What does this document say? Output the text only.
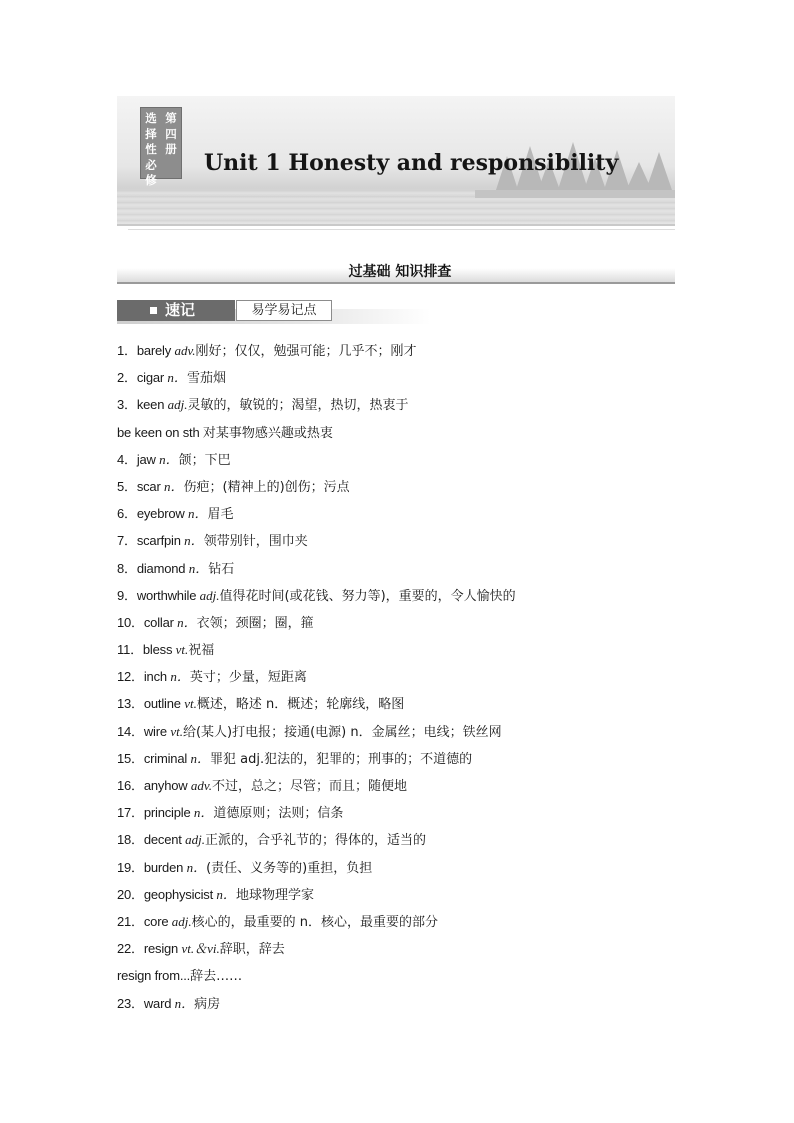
选
择
性
必
修
第
四
册
Unit 1 Honesty and responsibility
过基础 知识排查
速记	易学易记点
1．barely adv.刚好；仅仅，勉强可能；几乎不；刚才
2．cigar n．雪茄烟
3．keen adj.灵敏的，敏锐的；渴望，热切，热衷于
be keen on sth 对某事物感兴趣或热衷
4．jaw n．颌；下巴
5．scar n．伤疤；(精神上的)创伤；污点
6．eyebrow n．眉毛
7．scarfpin n．领带别针，围巾夹
8．diamond n．钻石
9．worthwhile adj.值得花时间(或花钱、努力等)，重要的，令人愉快的
10．collar n．衣领；颈圈；圈，箍
11．bless vt.祝福
12．inch n．英寸；少量，短距离
13．outline vt.概述，略述 n．概述；轮廓线，略图
14．wire vt.给(某人)打电报；接通(电源) n．金属丝；电线；铁丝网
15．criminal n．罪犯 adj.犯法的，犯罪的；刑事的；不道德的
16．anyhow adv.不过，总之；尽管；而且；随便地
17．principle n．道德原则；法则；信条
18．decent adj.正派的，合乎礼节的；得体的，适当的
19．burden n．(责任、义务等的)重担，负担
20．geophysicist n．地球物理学家
21．core adj.核心的，最重要的 n．核心，最重要的部分
22．resign vt.＆vi.辞职，辞去
resign from...辞去……
23．ward n．病房
